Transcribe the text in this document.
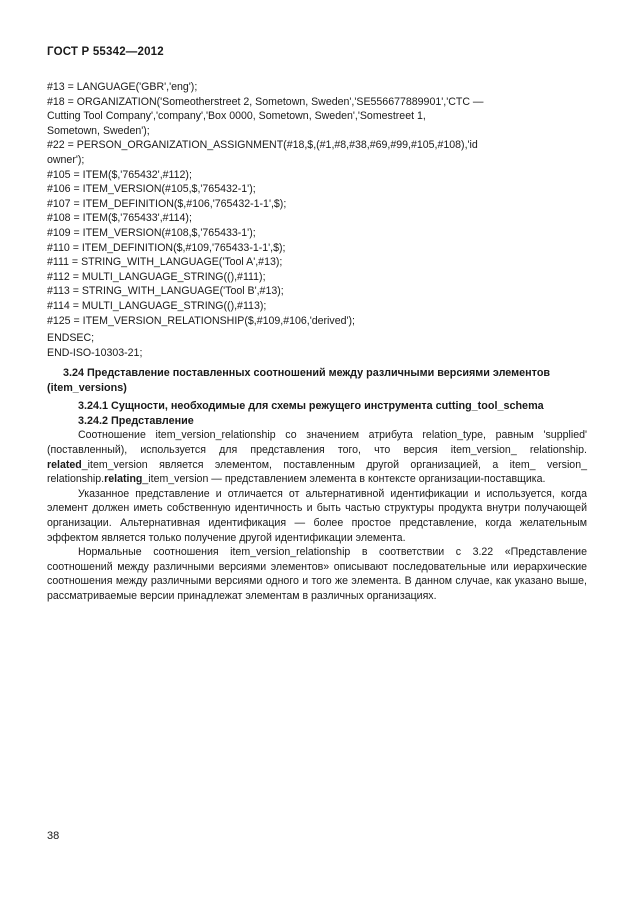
ГОСТ Р 55342—2012
#13 = LANGUAGE('GBR','eng');
#18 = ORGANIZATION('Someotherstreet 2, Sometown, Sweden','SE556677889901','CTC —
Cutting Tool Company','company','Box 0000, Sometown, Sweden','Somestreet 1,
Sometown, Sweden');
#22 = PERSON_ORGANIZATION_ASSIGNMENT(#18,$,(#1,#8,#38,#69,#99,#105,#108),'id
owner');
#105 = ITEM($,'765432',#112);
#106 = ITEM_VERSION(#105,$,'765432-1');
#107 = ITEM_DEFINITION($,#106,'765432-1-1',$);
#108 = ITEM($,'765433',#114);
#109 = ITEM_VERSION(#108,$,'765433-1');
#110 = ITEM_DEFINITION($,#109,'765433-1-1',$);
#111 = STRING_WITH_LANGUAGE('Tool A',#13);
#112 = MULTI_LANGUAGE_STRING((),#111);
#113 = STRING_WITH_LANGUAGE('Tool B',#13);
#114 = MULTI_LANGUAGE_STRING((),#113);
#125 = ITEM_VERSION_RELATIONSHIP($,#109,#106,'derived');
ENDSEC;
END-ISO-10303-21;

3.24 Представление поставленных соотношений между различными версиями элементов (item_versions)

3.24.1 Сущности, необходимые для схемы режущего инструмента cutting_tool_schema

3.24.2 Представление

Соотношение item_version_relationship со значением атрибута relation_type, равным 'supplied' (поставленный), используется для представления того, что версия item_version_ relationship. related_item_version является элементом, поставленным другой организацией, а item_ version_ relationship.relating_item_version — представлением элемента в контексте организации-поставщика.

Указанное представление и отличается от альтернативной идентификации и используется, когда элемент должен иметь собственную идентичность и быть частью структуры продукта внутри получающей организации. Альтернативная идентификация — более простое представление, когда желательным эффектом является только получение другой идентификации элемента.

Нормальные соотношения item_version_relationship в соответствии с 3.22 «Представление соотношений между различными версиями элементов» описывают последовательные или иерархические соотношения между различными версиями одного и того же элемента. В данном случае, как указано выше, рассматриваемые версии принадлежат элементам в различных организациях.

38
